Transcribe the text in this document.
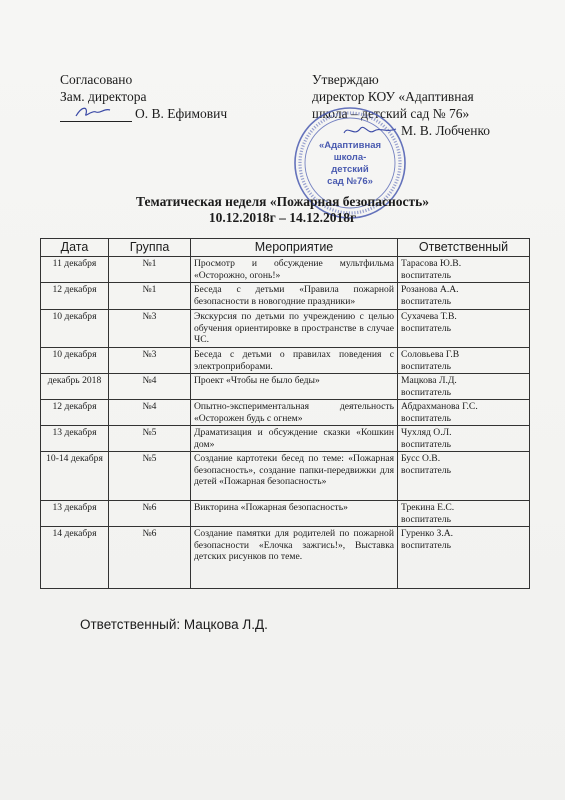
Согласовано
Зам. директора
О. В. Ефимович
Утверждаю
директор КОУ «Адаптивная
школа – детский сад № 76»
М. В. Лобченко
«Адаптивная
школа-
детский
сад №76»
Тематическая неделя «Пожарная безопасность»
10.12.2018г – 14.12.2018г
Дата	Группа	Мероприятие	Ответственный
11 декабря	№1	Просмотр и обсуждение мультфильма «Осторожно, огонь!»	Тарасова Ю.В.
воспитатель

12 декабря	№1	Беседа с детьми «Правила пожарной безопасности в новогодние праздники»	Розанова А.А.
воспитатель

10 декабря	№3	Экскурсия по детьми по учреждению с целью обучения ориентировке в пространстве в случае ЧС.	Сухачева Т.В.
воспитатель

10 декабря	№3	Беседа с детьми о правилах поведения с электроприборами.	Соловьева Г.В
воспитатель

декабрь 2018	№4	Проект «Чтобы не было беды»	Мацкова Л.Д.
воспитатель

12 декабря	№4	Опытно-экспериментальная деятельность «Осторожен будь с огнем»	Абдрахманова Г.С.
воспитатель

13 декабря	№5	Драматизация и обсуждение сказки «Кошкин дом»	Чухляд О.Л.
воспитатель

10-14 декабря	№5	Создание картотеки бесед по теме: «Пожарная безопасность», создание папки-передвижки для детей «Пожарная безопасность»	Бусс О.В.
воспитатель

13 декабря	№6	Викторина «Пожарная безопасность»	Трекина Е.С.
воспитатель

14 декабря	№6	Создание памятки для родителей по пожарной безопасности «Елочка зажгись!», Выставка детских рисунков по теме.	Гуренко З.А.
воспитатель
Ответственный: Мацкова Л.Д.
